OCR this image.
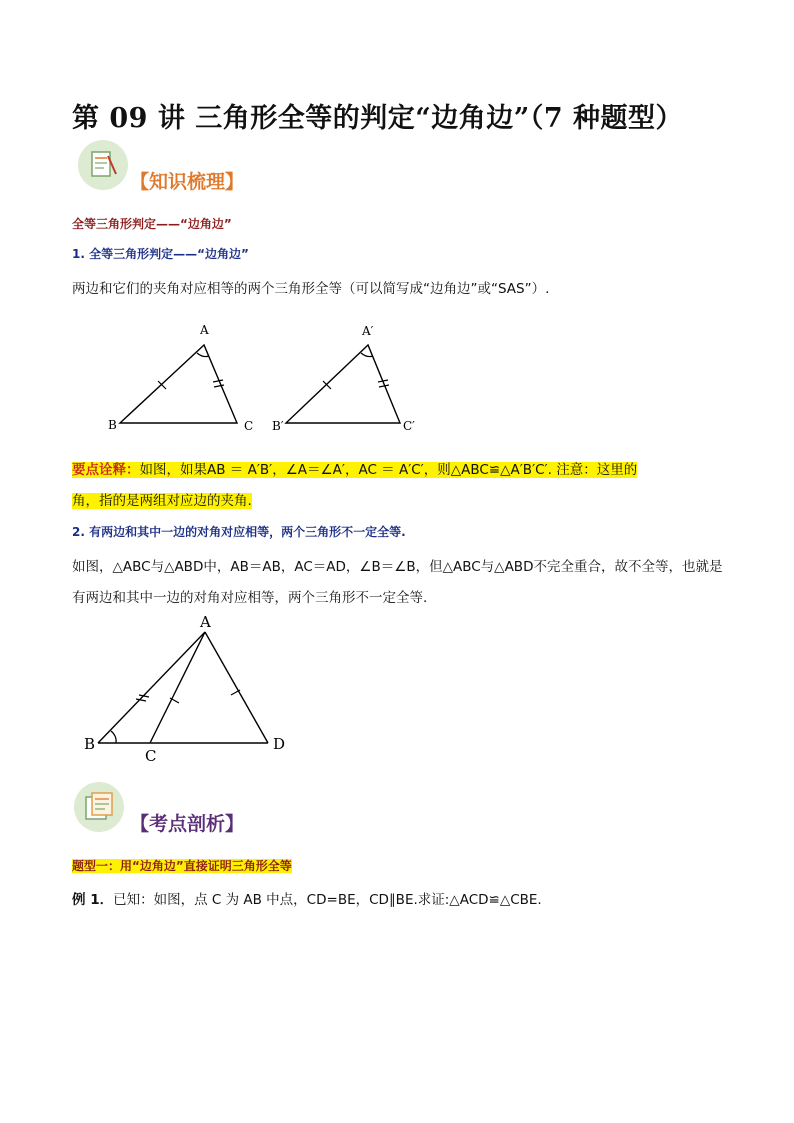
第 09 讲 三角形全等的判定“边角边”（7 种题型）
【知识梳理】
全等三角形判定——“边角边”
1. 全等三角形判定——“边角边”
两边和它们的夹角对应相等的两个三角形全等（可以简写成“边角边”或“SAS”）.
A
B	C
A′
B′	C′
要点诠释：如图，如果AB ＝ A′B′，∠A＝∠A′，AC ＝ A′C′，则△ABC≌△A′B′C′. 注意：这里的
角，指的是两组对应边的夹角.
2. 有两边和其中一边的对角对应相等，两个三角形不一定全等.
如图，△ABC与△ABD中，AB＝AB，AC＝AD，∠B＝∠B，但△ABC与△ABD不完全重合，故不全等，也就是
有两边和其中一边的对角对应相等，两个三角形不一定全等.
A
B
C
D
【考点剖析】
题型一：用“边角边”直接证明三角形全等
例 1．已知：如图，点 C 为 AB 中点，CD=BE，CD∥BE.求证:△ACD≌△CBE.
